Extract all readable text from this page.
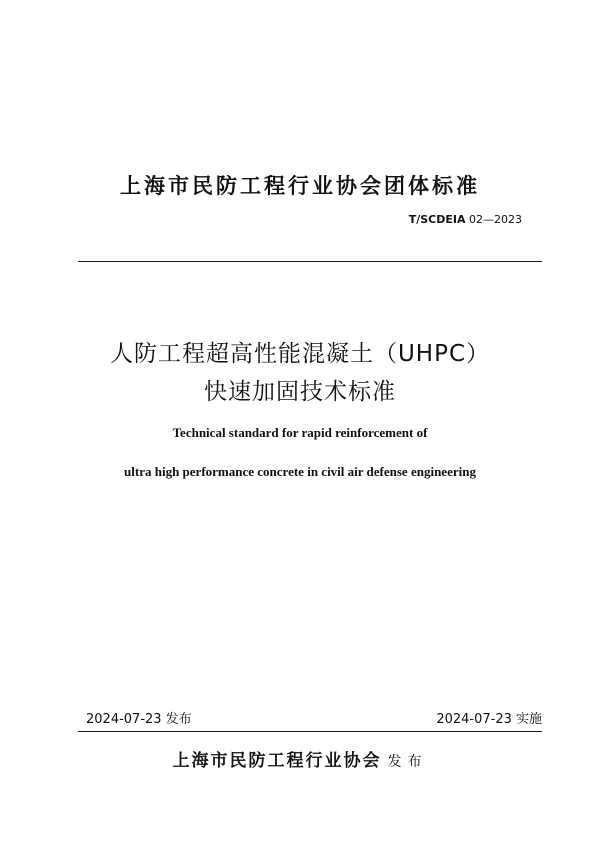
上海市民防工程行业协会团体标准
T/SCDEIA 02—2023
人防工程超高性能混凝土（UHPC）
快速加固技术标准
Technical standard for rapid reinforcement of
ultra high performance concrete in civil air defense engineering
2024-07-23 发布	2024-07-23 实施
上海市民防工程行业协会 发布
